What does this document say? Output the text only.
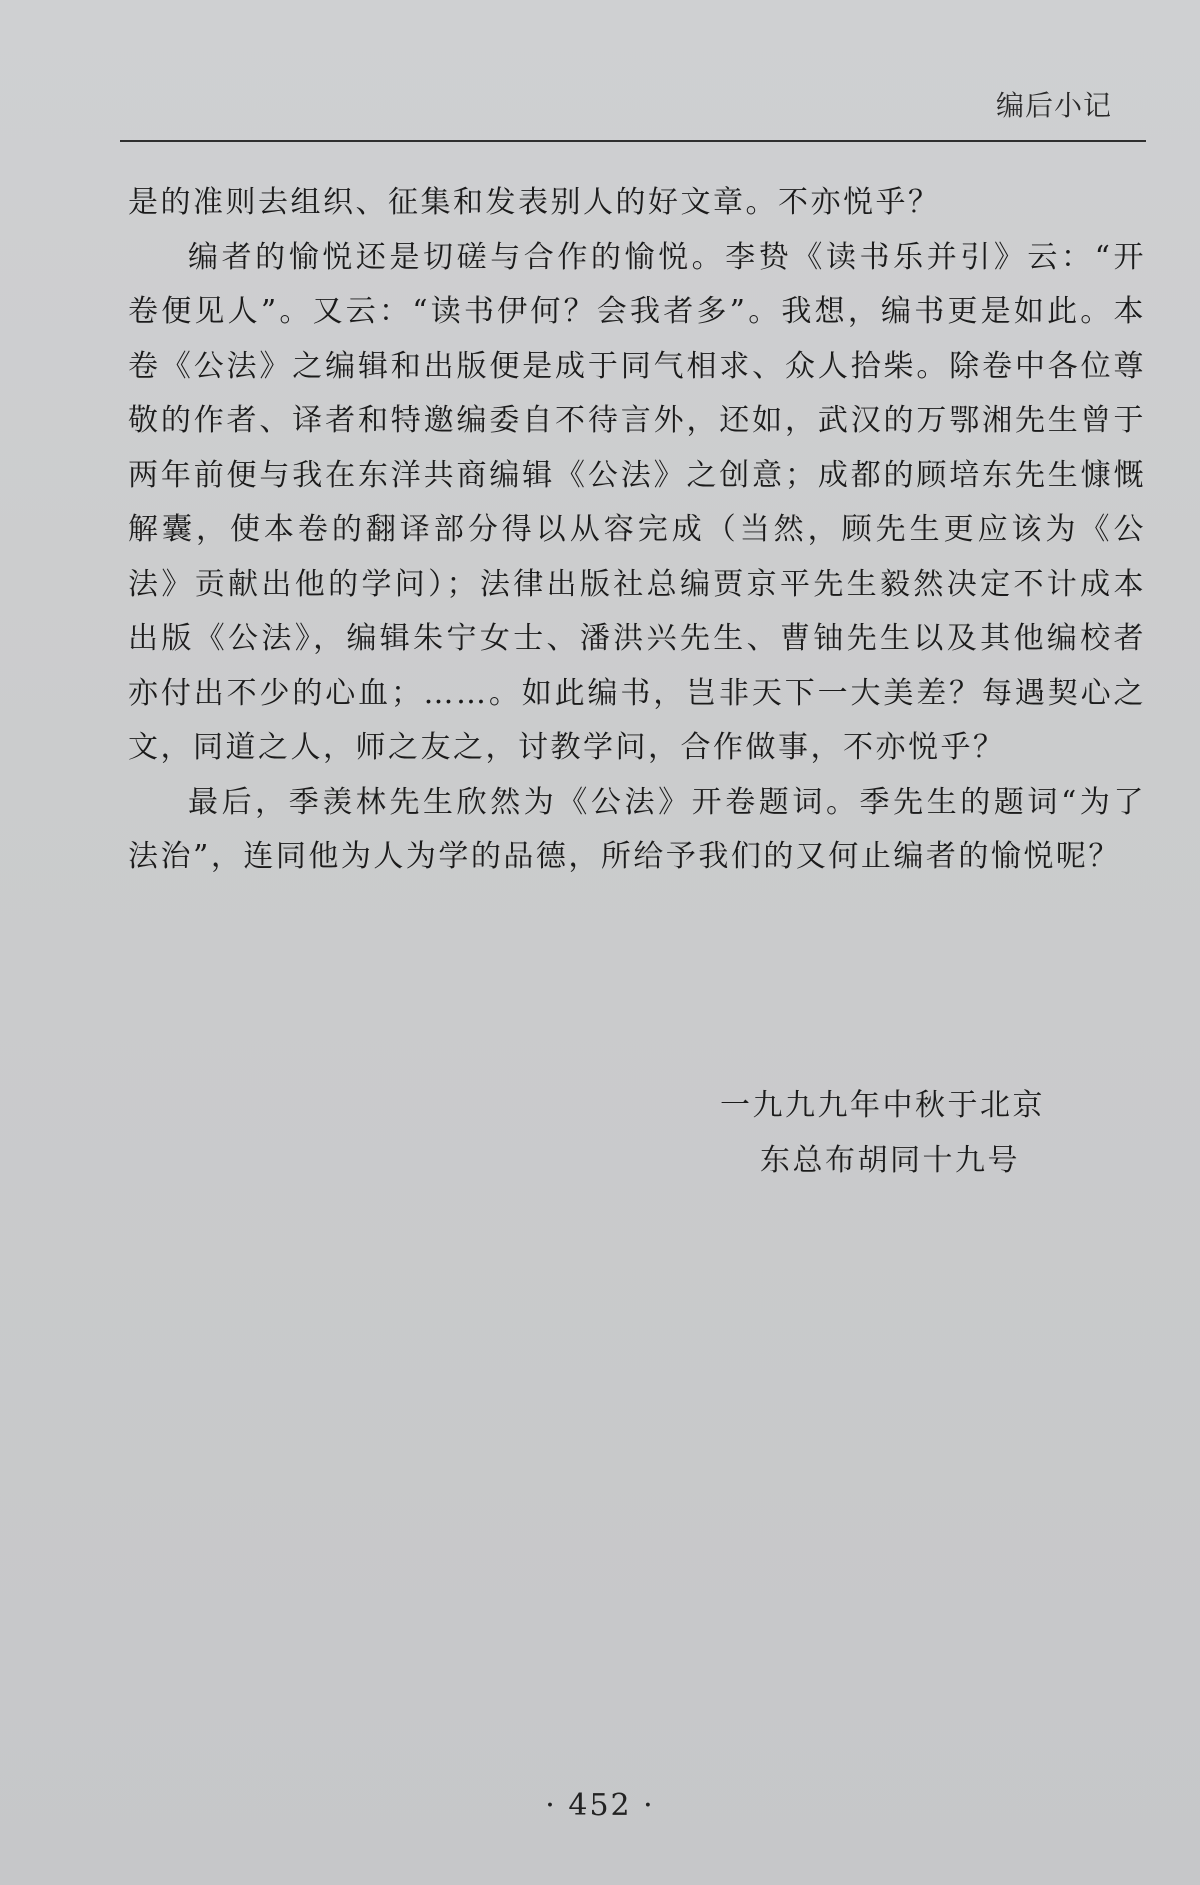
编后小记

是的准则去组织、征集和发表别人的好文章。不亦悦乎？

编者的愉悦还是切磋与合作的愉悦。李贽《读书乐并引》云：“开卷便见人”。又云：“读书伊何？会我者多”。我想，编书更是如此。本卷《公法》之编辑和出版便是成于同气相求、众人拾柴。除卷中各位尊敬的作者、译者和特邀编委自不待言外，还如，武汉的万鄂湘先生曾于两年前便与我在东洋共商编辑《公法》之创意；成都的顾培东先生慷慨解囊，使本卷的翻译部分得以从容完成（当然，顾先生更应该为《公法》贡献出他的学问）；法律出版社总编贾京平先生毅然决定不计成本出版《公法》，编辑朱宁女士、潘洪兴先生、曹铀先生以及其他编校者亦付出不少的心血；……。如此编书，岂非天下一大美差？每遇契心之文，同道之人，师之友之，讨教学问，合作做事，不亦悦乎？

最后，季羡林先生欣然为《公法》开卷题词。季先生的题词“为了法治”，连同他为人为学的品德，所给予我们的又何止编者的愉悦呢？

一九九九年中秋于北京
东总布胡同十九号
· 452 ·
